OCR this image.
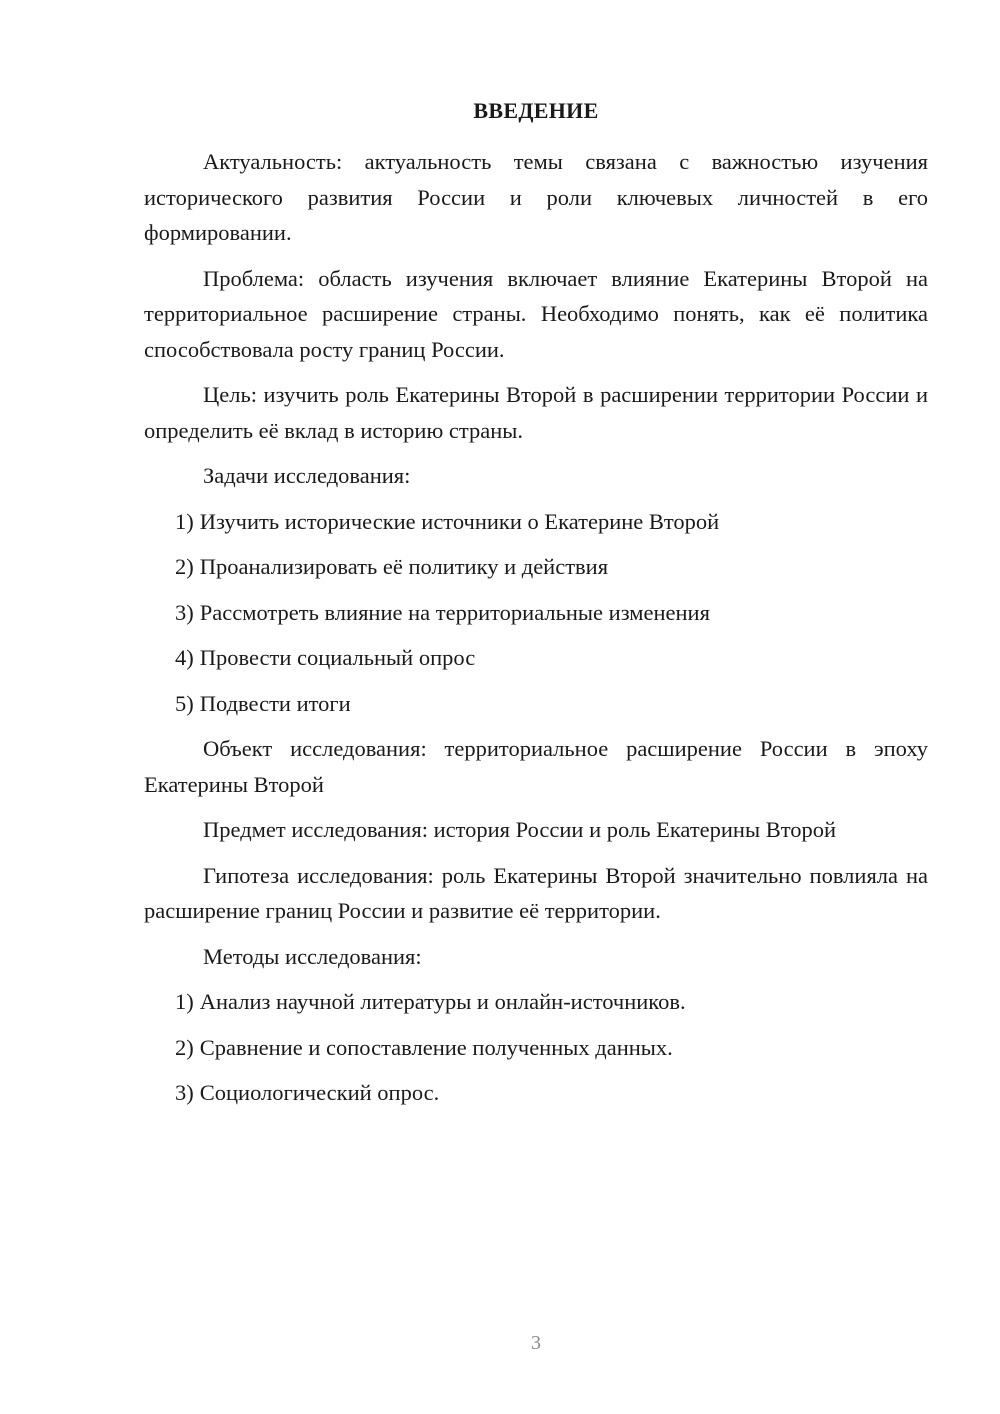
ВВЕДЕНИЕ

Актуальность: актуальность темы связана с важностью изучения исторического развития России и роли ключевых личностей в его формировании.

Проблема: область изучения включает влияние Екатерины Второй на территориальное расширение страны. Необходимо понять, как её политика способствовала росту границ России.

Цель: изучить роль Екатерины Второй в расширении территории России и определить её вклад в историю страны.

Задачи исследования:

1) Изучить исторические источники о Екатерине Второй

2) Проанализировать её политику и действия

3) Рассмотреть влияние на территориальные изменения

4) Провести социальный опрос

5) Подвести итоги

Объект исследования: территориальное расширение России в эпоху Екатерины Второй

Предмет исследования: история России и роль Екатерины Второй

Гипотеза исследования: роль Екатерины Второй значительно повлияла на расширение границ России и развитие её территории.

Методы исследования:

1) Анализ научной литературы и онлайн-источников.

2) Сравнение и сопоставление полученных данных.

3) Социологический опрос.

3
